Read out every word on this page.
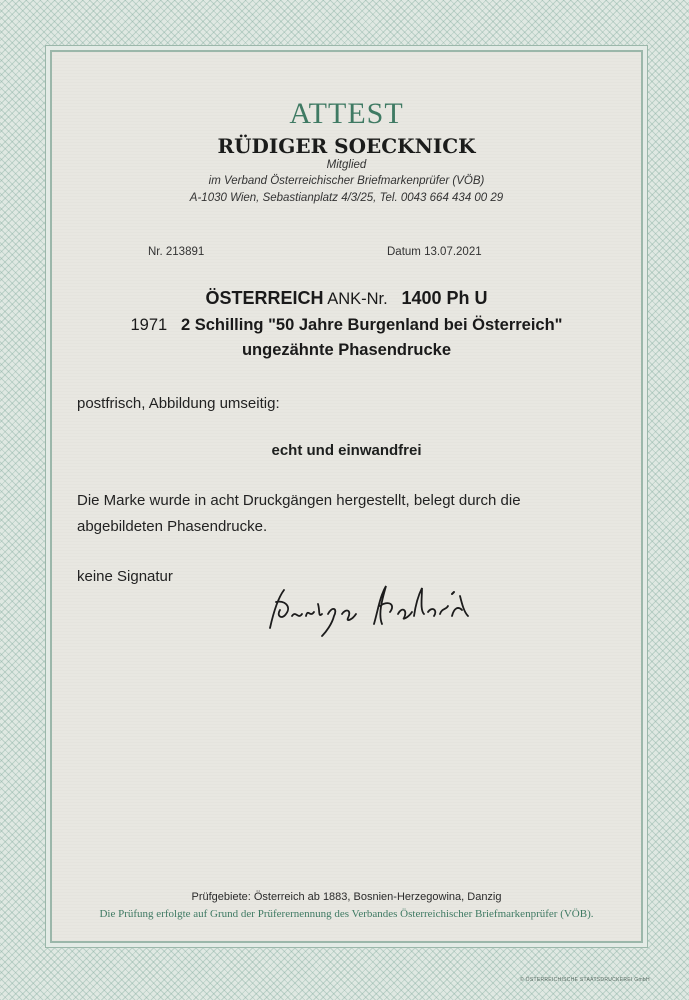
ATTEST
RÜDIGER SOECKNICK
Mitglied
im Verband Österreichischer Briefmarkenprüfer (VÖB)
A-1030 Wien, Sebastianplatz 4/3/25, Tel. 0043 664 434 00 29
Nr. 213891	Datum 13.07.2021
ÖSTERREICH ANK-Nr. 1400 Ph U
1971 2 Schilling "50 Jahre Burgenland bei Österreich"
ungezähnte Phasendrucke
postfrisch, Abbildung umseitig:
echt und einwandfrei
Die Marke wurde in acht Druckgängen hergestellt, belegt durch die
abgebildeten Phasendrucke.
keine Signatur
Prüfgebiete: Österreich ab 1883, Bosnien-Herzegowina, Danzig
Die Prüfung erfolgte auf Grund der Prüferernennung des Verbandes Österreichischer Briefmarkenprüfer (VÖB).
© ÖSTERREICHISCHE STAATSDRUCKEREI GmbH
